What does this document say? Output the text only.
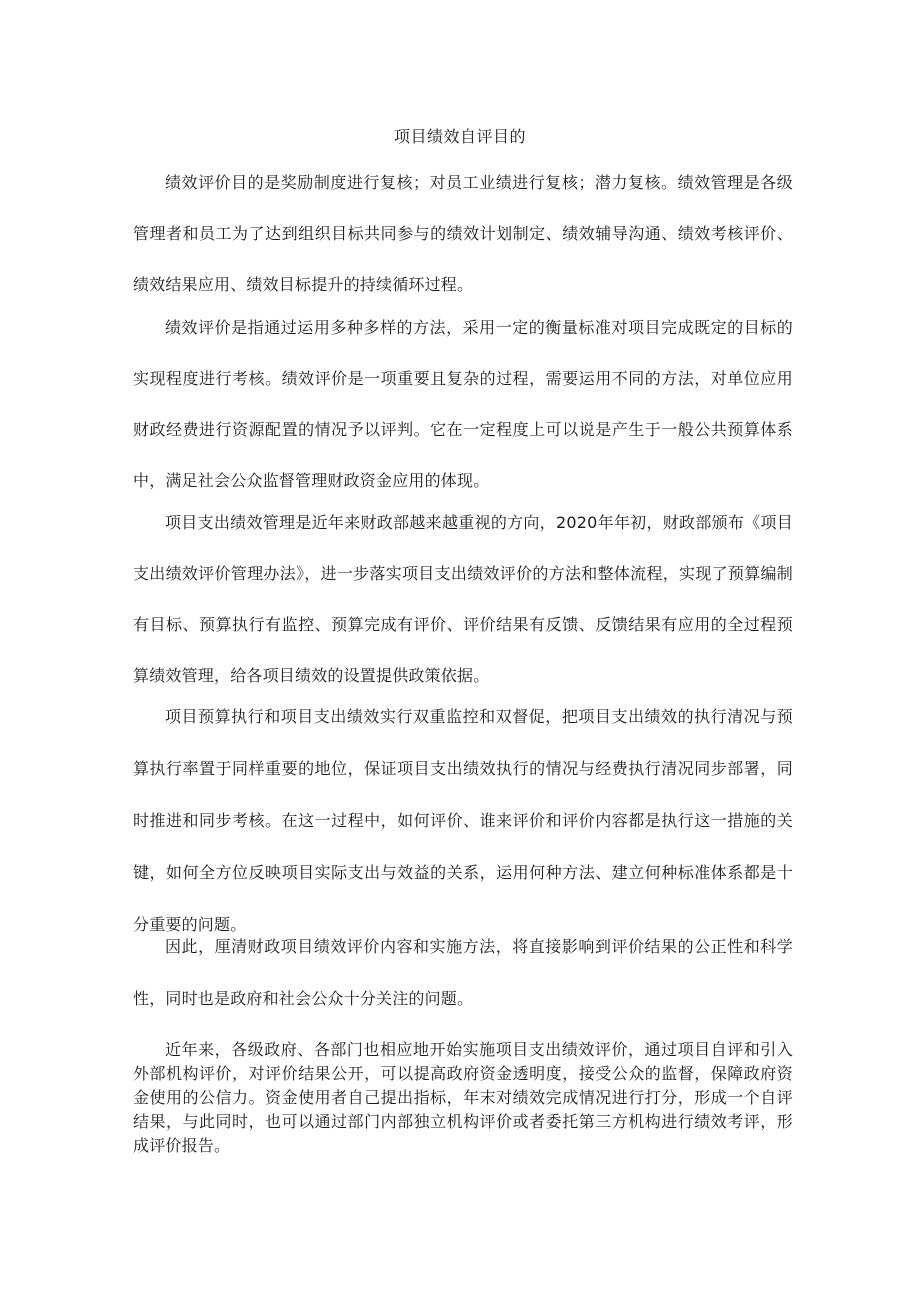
项目绩效自评目的

绩效评价目的是奖励制度进行复核；对员工业绩进行复核；潜力复核。绩效管理是各级管理者和员工为了达到组织目标共同参与的绩效计划制定、绩效辅导沟通、绩效考核评价、绩效结果应用、绩效目标提升的持续循环过程。

绩效评价是指通过运用多种多样的方法，采用一定的衡量标准对项目完成既定的目标的实现程度进行考核。绩效评价是一项重要且复杂的过程，需要运用不同的方法，对单位应用财政经费进行资源配置的情况予以评判。它在一定程度上可以说是产生于一般公共预算体系中，满足社会公众监督管理财政资金应用的体现。

项目支出绩效管理是近年来财政部越来越重视的方向，2020年年初，财政部颁布《项目支出绩效评价管理办法》，进一步落实项目支出绩效评价的方法和整体流程，实现了预算编制有目标、预算执行有监控、预算完成有评价、评价结果有反馈、反馈结果有应用的全过程预算绩效管理，给各项目绩效的设置提供政策依据。

项目预算执行和项目支出绩效实行双重监控和双督促，把项目支出绩效的执行清况与预算执行率置于同样重要的地位，保证项目支出绩效执行的情况与经费执行清况同步部署，同时推进和同步考核。在这一过程中，如何评价、谁来评价和评价内容都是执行这一措施的关键，如何全方位反映项目实际支出与效益的关系，运用何种方法、建立何种标准体系都是十分重要的问题。

因此，厘清财政项目绩效评价内容和实施方法，将直接影响到评价结果的公正性和科学性，同时也是政府和社会公众十分关注的问题。

近年来，各级政府、各部门也相应地开始实施项目支出绩效评价，通过项目自评和引入外部机构评价，对评价结果公开，可以提高政府资金透明度，接受公众的监督，保障政府资金使用的公信力。资金使用者自己提出指标，年末对绩效完成情况进行打分，形成一个自评结果，与此同时，也可以通过部门内部独立机构评价或者委托第三方机构进行绩效考评，形成评价报告。
